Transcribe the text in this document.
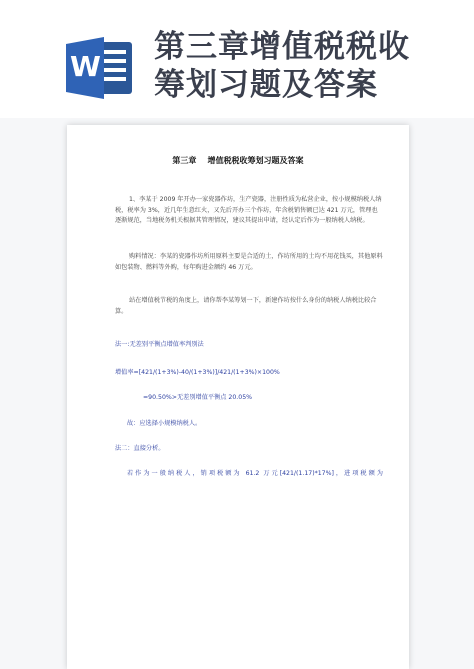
W
第三章增值税税收
筹划习题及答案
第三章    增值税税收筹划习题及答案
1、李某于 2009 年开办一家瓷器作坊，生产瓷器，注册性质为私营企业，按小规模纳税人纳税，税率为 3%，近几年生意红火，又先后开办三个作坊，年含税销售额已达 421 万元，管理也逐渐规范，当地税务机关根据其管理情况，建议其提出申请，经认定后作为一般纳税人纳税。
购料情况：李某的瓷器作坊所用原料主要是合适的土，作坊所用的土均不用花钱买，其他原料如包装物、燃料等外购，每年购进金额约 46 万元。
站在增值税节税的角度上，请你帮李某筹划一下，新建作坊按什么身份的纳税人纳税比较合算。
法一:无差别平衡点增值率判别法
增值率=[421/(1+3%)-40/(1+3%)]/421/(1+3%)×100%
=90.50%>无差别增值平衡点 20.05%
故：应选择小规模纳税人。
法二：直接分析。
若作为一般纳税人，销项税额为 61.2 万元[421/(1.17)*17%]，进项税额为
